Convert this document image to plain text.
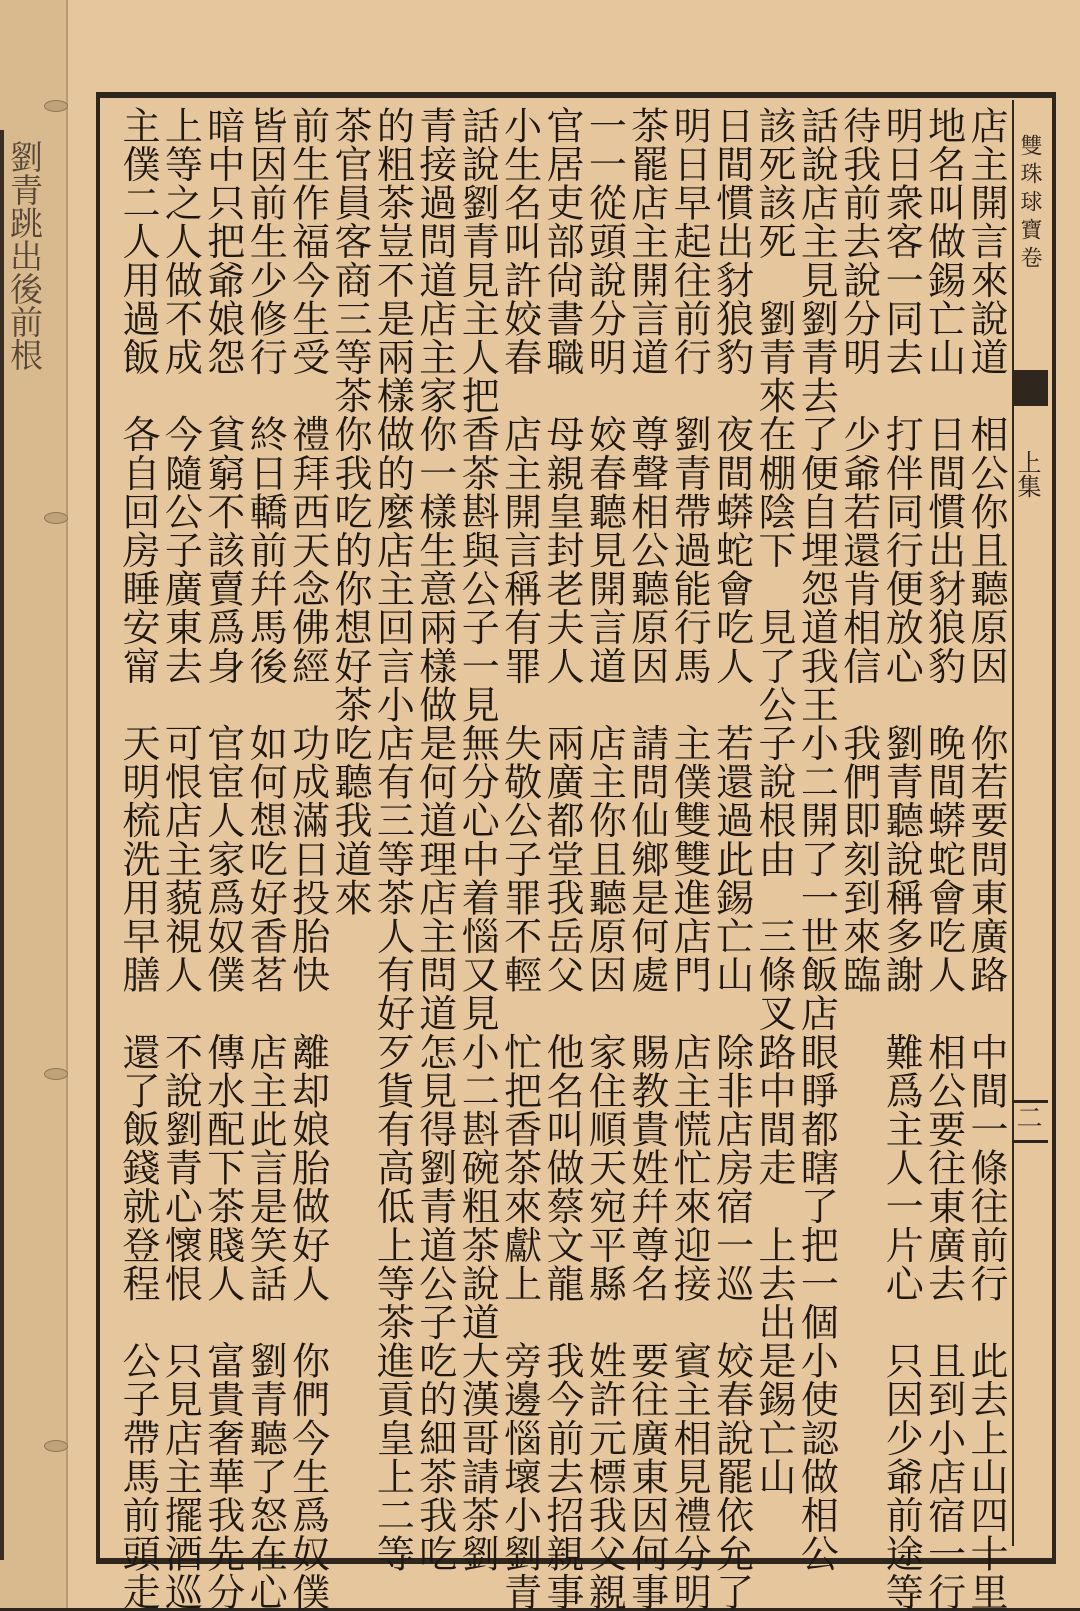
劉青跳出後前根	雙珠球寶卷
上集
二
店主開言來說道　相公你且聽原因　你若要問東廣路　中間一條往前行　此去上山四十里
地名叫做錫亡山　日間慣出豺狼豹　晚間蟒蛇會吃人　相公要往東廣去　且到小店宿一行
明日衆客一同去　打伴同行便放心　劉青聽說稱多謝　難爲主人一片心　只因少爺前途等
待我前去說分明　少爺若還肯相信　我們即刻到來臨
話說店主見劉青去了便自埋怨道我王小二開了一世飯店眼睜都瞎了把一個小使認做相公
該死該死　劉青來在棚陰下　見了公子說根由　三條叉路中間走　上去出是錫亡山
日間慣出豺狼豹　夜間蟒蛇會吃人　若還過此錫亡山　除非店房宿一巡　姣春說罷依允了
明日早起往前行　劉青帶過能行馬　主僕雙雙進店門　店主慌忙來迎接　賓主相見禮分明
茶罷店主開言道　尊聲相公聽原因　請問仙鄉是何處　賜教貴姓幷尊名　要往廣東因何事
一一從頭說分明　姣春聽見開言道　店主你且聽原因　家住順天宛平縣　姓許元標我父親
官居吏部尙書職　母親皇封老夫人　兩廣都堂我岳父　他名叫做蔡文龍　我今前去招親事
小生名叫許姣春　店主開言稱有罪　失敬公子罪不輕　忙把香茶來獻上　旁邊惱壞小劉青
話說劉青見主人把香茶斟與公子一見無分心中着惱又見小二斟碗粗茶說道大漢哥請茶劉
青接過問道店主家你一樣生意兩樣做是何道理店主問道怎見得劉青道公子吃的細茶我吃
的粗茶豈不是兩樣做的麼店主回言小店有三等茶人有好歹貨有高低上等茶進貢皇上二等
茶官員客商三等茶你我吃的你想好茶吃聽我道來
前生作福今生受　禮拜西天念佛經　功成滿日投胎快　離却娘胎做好人　你們今生爲奴僕
皆因前生少修行　終日轎前幷馬後　如何想吃好香茗　店主此言是笑話　劉青聽了怒在心
暗中只把爺娘怨　貧窮不該賣爲身　官宦人家爲奴僕　傳水配下茶賤人　富貴奢華我先分
上等之人做不成　今隨公子廣東去　可恨店主藐視人　不說劉青心懷恨　只見店主擺酒巡
主僕二人用過飯　各自回房睡安甯　天明梳洗用早膳　還了飯錢就登程　公子帶馬前頭走
